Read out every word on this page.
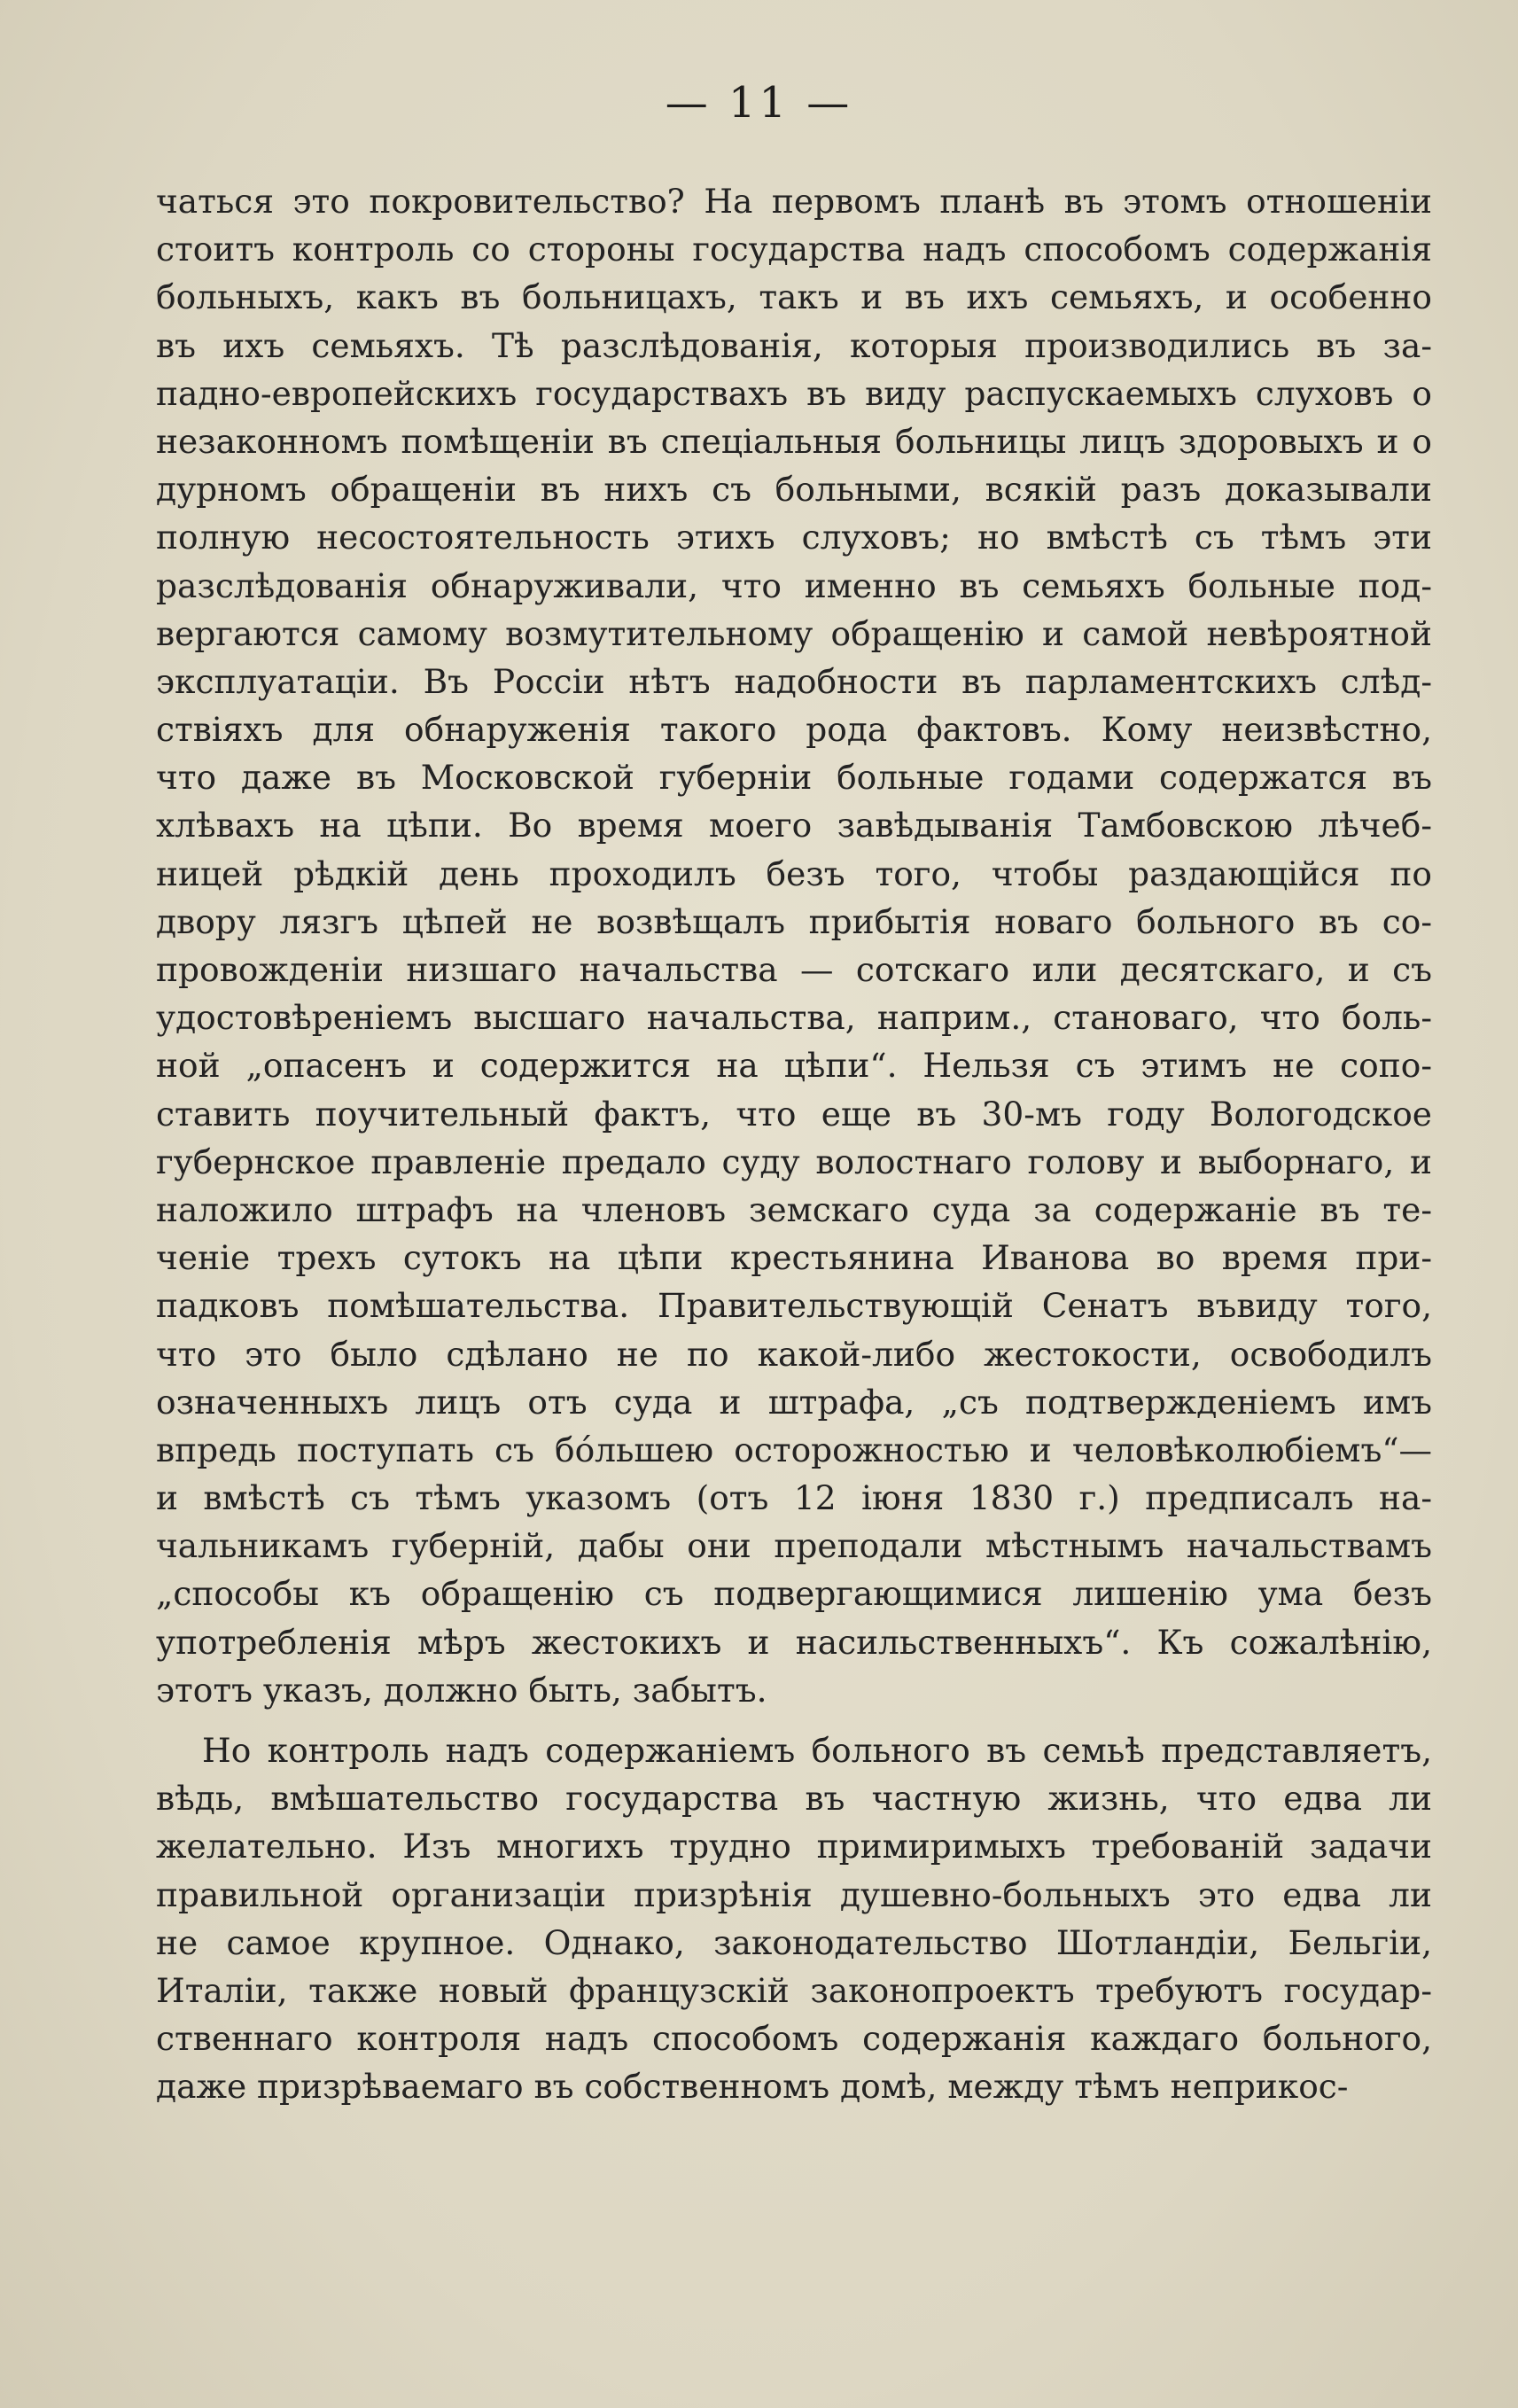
— 11 —
чаться это покровительство? На первомъ планѣ въ этомъ отношенiи
стоитъ контроль со стороны государства надъ способомъ содержанiя
больныхъ, какъ въ больницахъ, такъ и въ ихъ семьяхъ, и особенно
въ ихъ семьяхъ. Тѣ разслѣдованiя, которыя производились въ за-
падно-европейскихъ государствахъ въ виду распускаемыхъ слуховъ о
незаконномъ помѣщенiи въ спецiальныя больницы лицъ здоровыхъ и о
дурномъ обращенiи въ нихъ съ больными, всякiй разъ доказывали
полную несостоятельность этихъ слуховъ; но вмѣстѣ съ тѣмъ эти
разслѣдованiя обнаруживали, что именно въ семьяхъ больные под-
вергаются самому возмутительному обращенiю и самой невѣроятной
эксплуатацiи. Въ Россiи нѣтъ надобности въ парламентскихъ слѣд-
ствiяхъ для обнаруженiя такого рода фактовъ. Кому неизвѣстно,
что даже въ Московской губернiи больные годами содержатся въ
хлѣвахъ на цѣпи. Во время моего завѣдыванiя Тамбовскою лѣчеб-
ницей рѣдкiй день проходилъ безъ того, чтобы раздающiйся по
двору лязгъ цѣпей не возвѣщалъ прибытiя новаго больного въ со-
провожденiи низшаго начальства — сотскаго или десятскаго, и съ
удостовѣренiемъ высшаго начальства, наприм., становаго, что боль-
ной „опасенъ и содержится на цѣпи“. Нельзя съ этимъ не сопо-
ставить поучительный фактъ, что еще въ 30-мъ году Вологодское
губернское правленiе предало суду волостнаго голову и выборнаго, и
наложило штрафъ на членовъ земскаго суда за содержанiе въ те-
ченiе трехъ сутокъ на цѣпи крестьянина Иванова во время при-
падковъ помѣшательства. Правительствующiй Сенатъ въвиду того,
что это было сдѣлано не по какой-либо жестокости, освободилъ
означенныхъ лицъ отъ суда и штрафа, „съ подтвержденiемъ имъ
впредь поступать съ бóльшею осторожностью и человѣколюбiемъ“—
и вмѣстѣ съ тѣмъ указомъ (отъ 12 iюня 1830 г.) предписалъ на-
чальникамъ губернiй, дабы они преподали мѣстнымъ начальствамъ
„способы къ обращенiю съ подвергающимися лишенiю ума безъ
употребленiя мѣръ жестокихъ и насильственныхъ“. Къ сожалѣнiю,
этотъ указъ, должно быть, забытъ.
Но контроль надъ содержанiемъ больного въ семьѣ представляетъ,
вѣдь, вмѣшательство государства въ частную жизнь, что едва ли
желательно. Изъ многихъ трудно примиримыхъ требованiй задачи
правильной организацiи призрѣнiя душевно-больныхъ это едва ли
не самое крупное. Однако, законодательство Шотландiи, Бельгiи,
Италiи, также новый французскiй законопроектъ требуютъ государ-
ственнаго контроля надъ способомъ содержанiя каждаго больного,
даже призрѣваемаго въ собственномъ домѣ, между тѣмъ неприкос-
